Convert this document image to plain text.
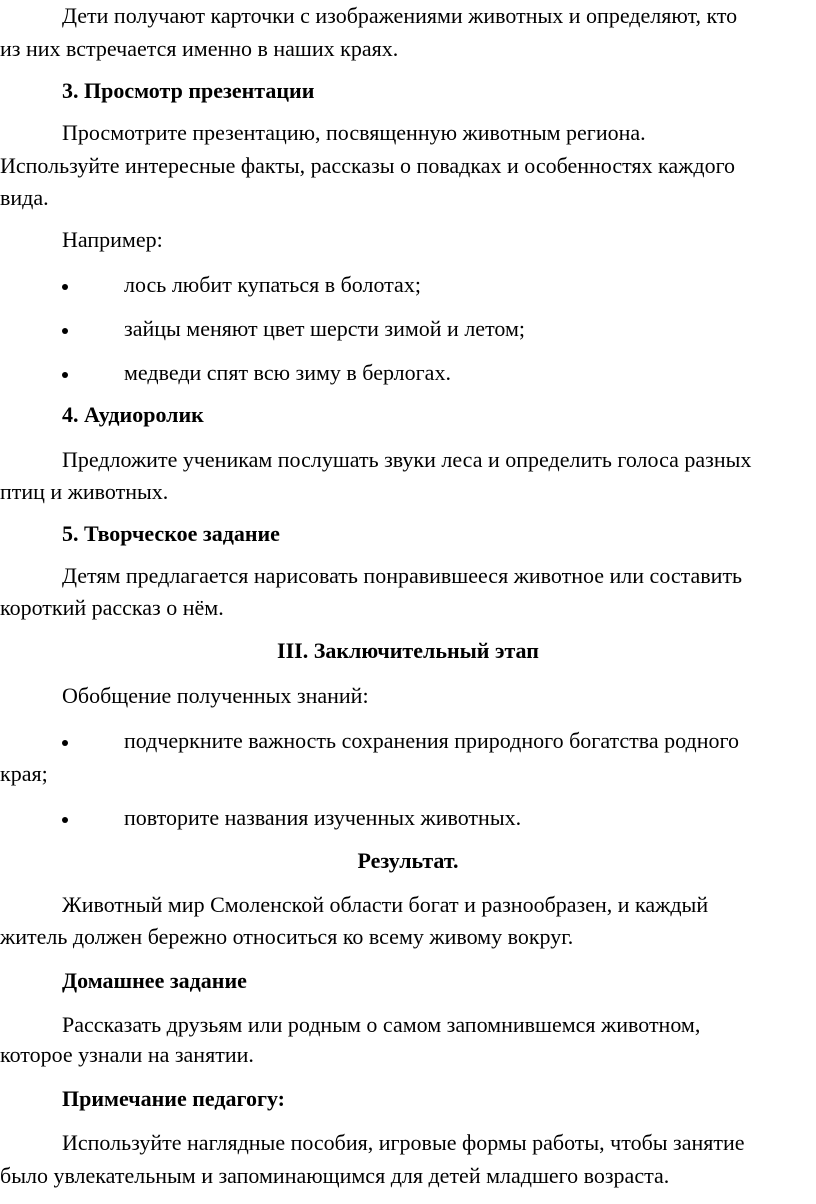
Дети получают карточки с изображениями животных и определяют, кто
из них встречается именно в наших краях.
3. Просмотр презентации
Просмотрите презентацию, посвященную животным региона.
Используйте интересные факты, рассказы о повадках и особенностях каждого
вида.
Например:
лось любит купаться в болотах;
зайцы меняют цвет шерсти зимой и летом;
медведи спят всю зиму в берлогах.
4. Аудиоролик
Предложите ученикам послушать звуки леса и определить голоса разных
птиц и животных.
5. Творческое задание
Детям предлагается нарисовать понравившееся животное или составить
короткий рассказ о нём.
III. Заключительный этап
Обобщение полученных знаний:
подчеркните важность сохранения природного богатства родного
края;
повторите названия изученных животных.
Результат.
Животный мир Смоленской области богат и разнообразен, и каждый
житель должен бережно относиться ко всему живому вокруг.
Домашнее задание
Рассказать друзьям или родным о самом запомнившемся животном,
которое узнали на занятии.
Примечание педагогу:
Используйте наглядные пособия, игровые формы работы, чтобы занятие
было увлекательным и запоминающимся для детей младшего возраста.
